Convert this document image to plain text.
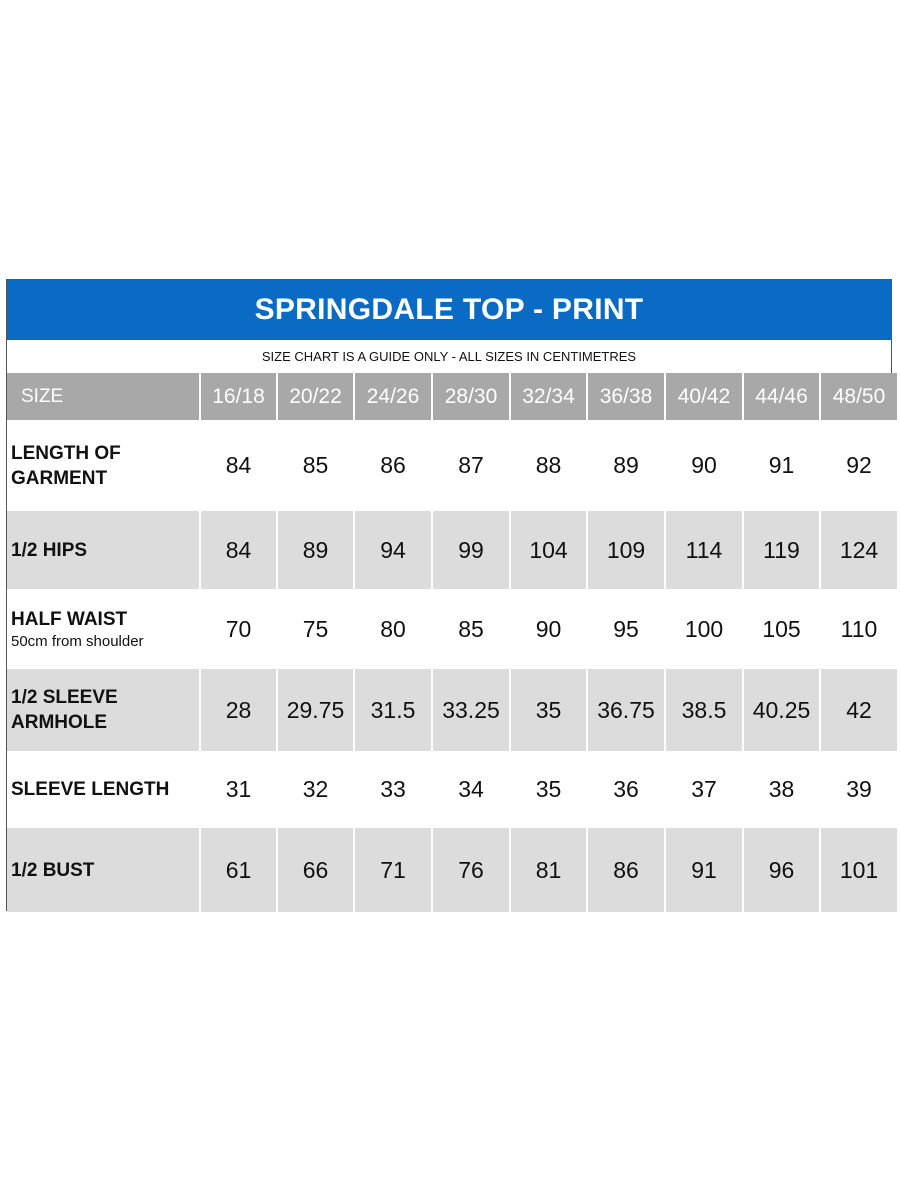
SPRINGDALE TOP - PRINT
SIZE CHART IS A GUIDE ONLY - ALL SIZES IN CENTIMETRES
SIZE	16/18	20/22	24/26	28/30	32/34	36/38	40/42	44/46	48/50
LENGTH OF GARMENT	84	85	86	87	88	89	90	91	92
1/2 HIPS	84	89	94	99	104	109	114	119	124
HALF WAIST
50cm from shoulder	70	75	80	85	90	95	100	105	110
1/2 SLEEVE ARMHOLE	28	29.75	31.5	33.25	35	36.75	38.5	40.25	42
SLEEVE LENGTH	31	32	33	34	35	36	37	38	39
1/2 BUST	61	66	71	76	81	86	91	96	101
